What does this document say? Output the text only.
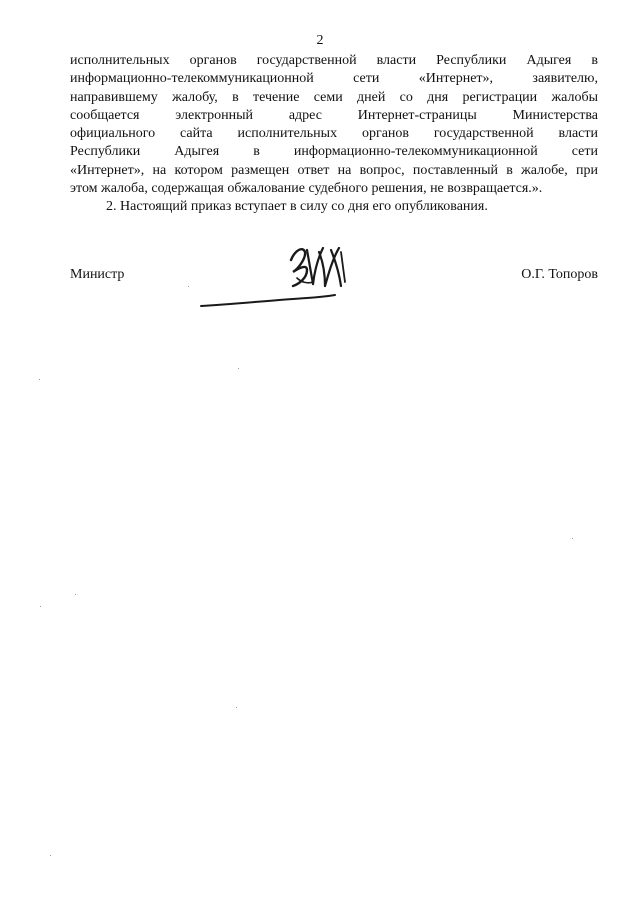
2
исполнительных органов государственной власти Республики Адыгея в
информационно-телекоммуникационной сети «Интернет», заявителю,
направившему жалобу, в течение семи дней со дня регистрации жалобы
сообщается электронный адрес Интернет-страницы Министерства
официального сайта исполнительных органов государственной власти
Республики Адыгея в информационно-телекоммуникационной сети
«Интернет», на котором размещен ответ на вопрос, поставленный в жалобе, при
этом жалоба, содержащая обжалование судебного решения, не возвращается.».
2. Настоящий приказ вступает в силу со дня его опубликования.
Министр	О.Г. Топоров
